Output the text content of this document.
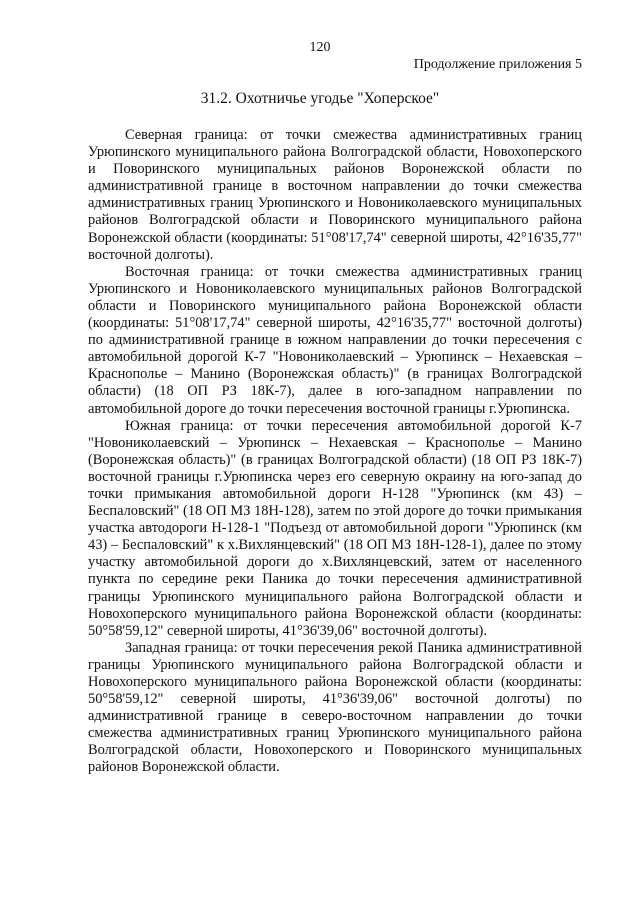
120
Продолжение приложения 5
31.2. Охотничье угодье "Хоперское"

Северная граница: от точки смежества административных границ Урюпинского муниципального района Волгоградской области, Новохоперского и Поворинского муниципальных районов Воронежской области по административной границе в восточном направлении до точки смежества административных границ Урюпинского и Новониколаевского муниципальных районов Волгоградской области и Поворинского муниципального района Воронежской области (координаты: 51°08'17,74" северной широты, 42°16'35,77" восточной долготы).

Восточная граница: от точки смежества административных границ Урюпинского и Новониколаевского муниципальных районов Волгоградской области и Поворинского муниципального района Воронежской области (координаты: 51°08'17,74" северной широты, 42°16'35,77" восточной долготы) по административной границе в южном направлении до точки пересечения с автомобильной дорогой К-7 "Новониколаевский – Урюпинск – Нехаевская – Краснополье – Манино (Воронежская область)" (в границах Волгоградской области) (18 ОП РЗ 18К-7), далее в юго-западном направлении по автомобильной дороге до точки пересечения восточной границы г.Урюпинска.

Южная граница: от точки пересечения автомобильной дорогой К-7 "Новониколаевский – Урюпинск – Нехаевская – Краснополье – Манино (Воронежская область)" (в границах Волгоградской области) (18 ОП РЗ 18К-7) восточной границы г.Урюпинска через его северную окраину на юго-запад до точки примыкания автомобильной дороги Н-128 "Урюпинск (км 43) – Беспаловский" (18 ОП МЗ 18Н-128), затем по этой дороге до точки примыкания участка автодороги Н-128-1 "Подъезд от автомобильной дороги "Урюпинск (км 43) – Беспаловский" к х.Вихлянцевский" (18 ОП МЗ 18Н-128-1), далее по этому участку автомобильной дороги до х.Вихлянцевский, затем от населенного пункта по середине реки Паника до точки пересечения административной границы Урюпинского муниципального района Волгоградской области и Новохоперского муниципального района Воронежской области (координаты: 50°58'59,12" северной широты, 41°36'39,06" восточной долготы).

Западная граница: от точки пересечения рекой Паника административной границы Урюпинского муниципального района Волгоградской области и Новохоперского муниципального района Воронежской области (координаты: 50°58'59,12" северной широты, 41°36'39,06" восточной долготы) по административной границе в северо-восточном направлении до точки смежества административных границ Урюпинского муниципального района Волгоградской области, Новохоперского и Поворинского муниципальных районов Воронежской области.
